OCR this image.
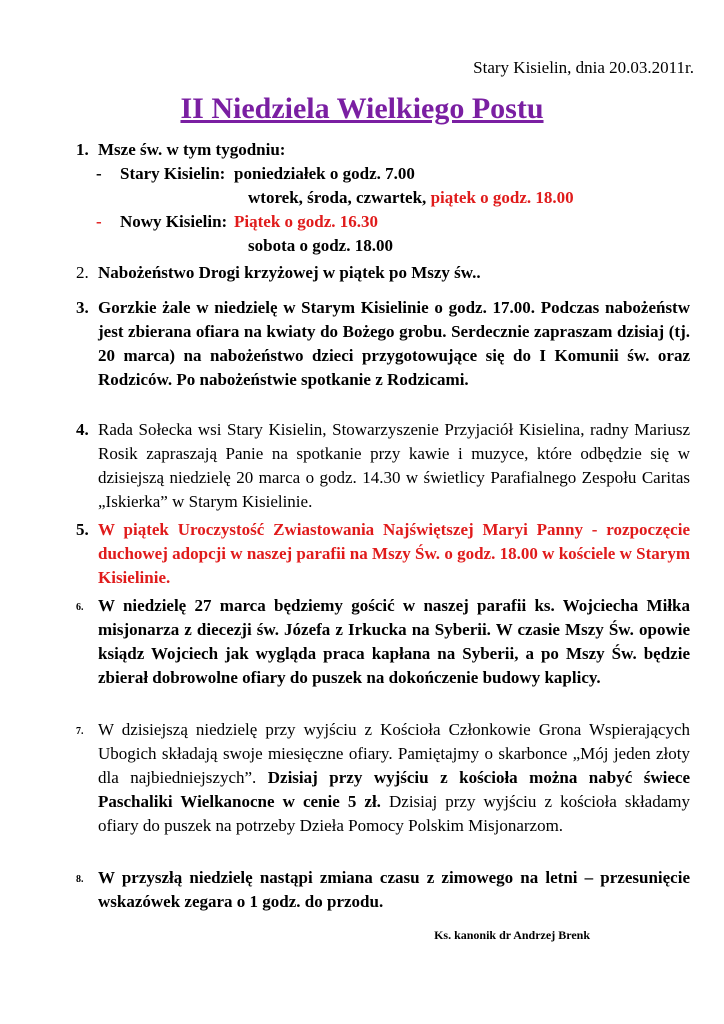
Stary Kisielin, dnia 20.03.2011r.
II Niedziela Wielkiego Postu
1. Msze św. w tym tygodniu:
- Stary Kisielin: poniedziałek o godz. 7.00
wtorek, środa, czwartek, piątek o godz. 18.00
- Nowy Kisielin: Piątek o godz. 16.30
sobota o godz. 18.00
2. Nabożeństwo Drogi krzyżowej w piątek po Mszy św..
3. Gorzkie żale w niedzielę w Starym Kisielinie o godz. 17.00. Podczas nabożeństw jest zbierana ofiara na kwiaty do Bożego grobu. Serdecznie zapraszam dzisiaj (tj. 20 marca) na nabożeństwo dzieci przygotowujące się do I Komunii św. oraz Rodziców. Po nabożeństwie spotkanie z Rodzicami.
4. Rada Sołecka wsi Stary Kisielin, Stowarzyszenie Przyjaciół Kisielina, radny Mariusz Rosik zapraszają Panie na spotkanie przy kawie i muzyce, które odbędzie się w dzisiejszą niedzielę 20 marca o godz. 14.30 w świetlicy Parafialnego Zespołu Caritas „Iskierka” w Starym Kisielinie.
5. W piątek Uroczystość Zwiastowania Najświętszej Maryi Panny - rozpoczęcie duchowej adopcji w naszej parafii na Mszy Św. o godz. 18.00 w kościele w Starym Kisielinie.
6. W niedzielę 27 marca będziemy gościć w naszej parafii ks. Wojciecha Miłka misjonarza z diecezji św. Józefa z Irkucka na Syberii. W czasie Mszy Św. opowie ksiądz Wojciech jak wygląda praca kapłana na Syberii, a po Mszy Św. będzie zbierał dobrowolne ofiary do puszek na dokończenie budowy kaplicy.
7. W dzisiejszą niedzielę przy wyjściu z Kościoła Członkowie Grona Wspierających Ubogich składają swoje miesięczne ofiary. Pamiętajmy o skarbonce „Mój jeden złoty dla najbiedniejszych”. Dzisiaj przy wyjściu z kościoła można nabyć świece Paschaliki Wielkanocne w cenie 5 zł. Dzisiaj przy wyjściu z kościoła składamy ofiary do puszek na potrzeby Dzieła Pomocy Polskim Misjonarzom.
8. W przyszłą niedzielę nastąpi zmiana czasu z zimowego na letni – przesunięcie wskazówek zegara o 1 godz. do przodu.
Ks. kanonik dr Andrzej Brenk
